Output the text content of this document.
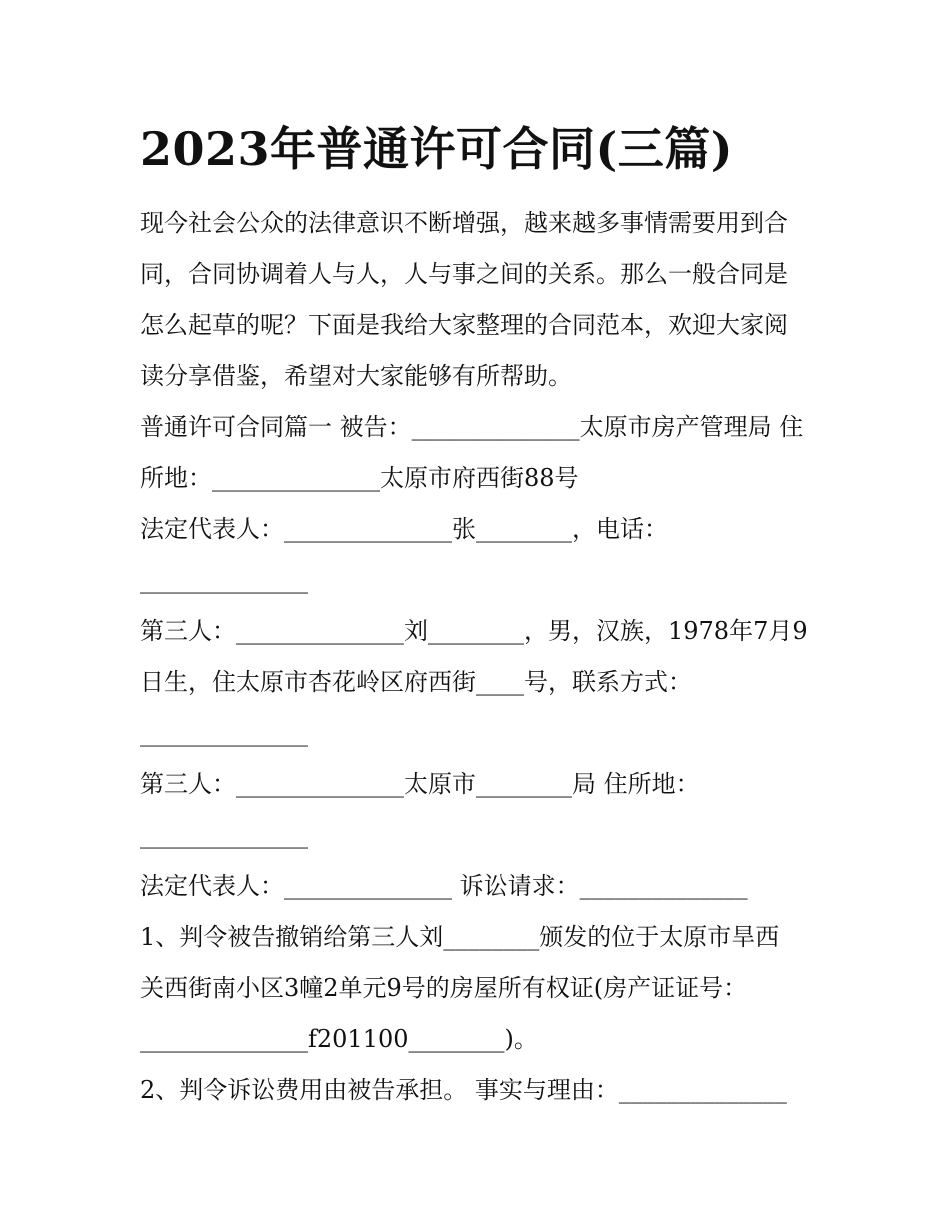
2023年普通许可合同(三篇)
现今社会公众的法律意识不断增强，越来越多事情需要用到合
同，合同协调着人与人，人与事之间的关系。那么一般合同是
怎么起草的呢？下面是我给大家整理的合同范本，欢迎大家阅
读分享借鉴，希望对大家能够有所帮助。
普通许可合同篇一 被告：______________太原市房产管理局 住
所地：______________太原市府西街88号
法定代表人：______________张________，电话：
______________
第三人：______________刘________，男，汉族，1978年7月9
日生，住太原市杏花岭区府西街____号，联系方式：
______________
第三人：______________太原市________局 住所地：
______________
法定代表人：______________ 诉讼请求：______________
1、判令被告撤销给第三人刘________颁发的位于太原市旱西
关西街南小区3幢2单元9号的房屋所有权证(房产证证号：
______________f201100________)。
2、判令诉讼费用由被告承担。 事实与理由：______________
